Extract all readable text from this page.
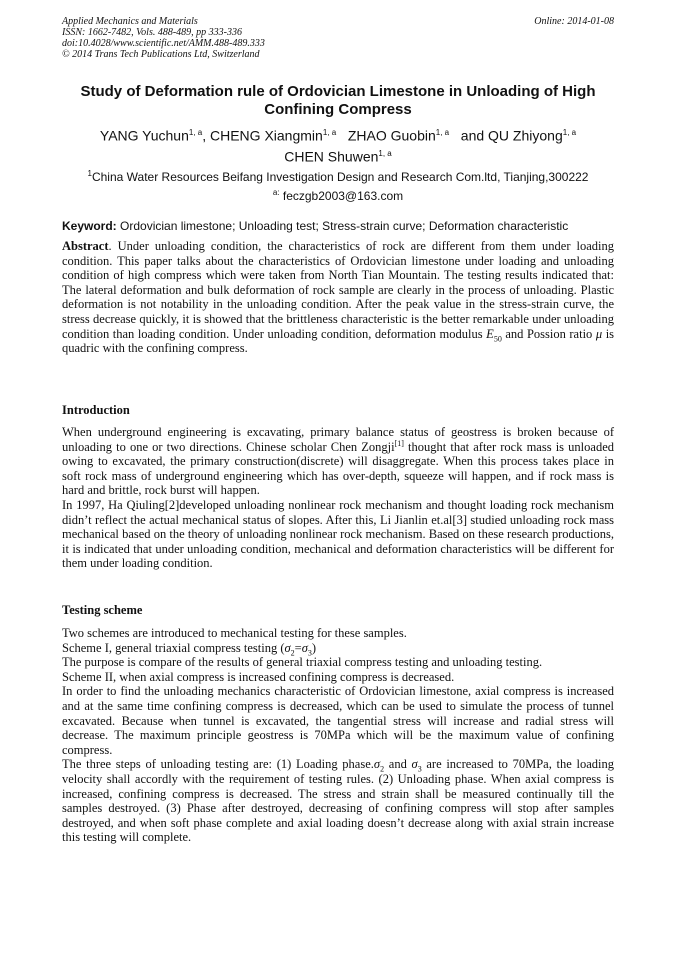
Applied Mechanics and Materials
ISSN: 1662-7482, Vols. 488-489, pp 333-336
doi:10.4028/www.scientific.net/AMM.488-489.333
© 2014 Trans Tech Publications Ltd, Switzerland
Online: 2014-01-08
Study of Deformation rule of Ordovician Limestone in Unloading of High Confining Compress
YANG Yuchun$^{1, a}$, CHENG Xiangmin$^{1, a}$ ZHAO Guobin$^{1, a}$ and QU Zhiyong$^{1, a}$
CHEN Shuwen$^{1, a}$
$^1$China Water Resources Beifang Investigation Design and Research Com.ltd, Tianjing,300222
$^{a:}$ feczgb2003@163.com
Keyword: Ordovician limestone; Unloading test; Stress-strain curve; Deformation characteristic

Abstract. Under unloading condition, the characteristics of rock are different from them under loading condition. This paper talks about the characteristics of Ordovician limestone under loading and unloading condition of high compress which were taken from North Tian Mountain. The testing results indicated that: The lateral deformation and bulk deformation of rock sample are clearly in the process of unloading. Plastic deformation is not notability in the unloading condition. After the peak value in the stress-strain curve, the stress decrease quickly, it is showed that the brittleness characteristic is the better remarkable under unloading condition than loading condition. Under unloading condition, deformation modulus $E_{50}$ and Possion ratio μ is quadric with the confining compress.

Introduction

When underground engineering is excavating, primary balance status of geostress is broken because of unloading to one or two directions. Chinese scholar Chen Zongji[1] thought that after rock mass is unloaded owing to excavated, the primary construction(discrete) will disaggregate. When this process takes place in soft rock mass of underground engineering which has over-depth, squeeze will happen, and if rock mass is hard and brittle, rock burst will happen.

In 1997, Ha Qiuling[2]developed unloading nonlinear rock mechanism and thought loading rock mechanism didn’t reflect the actual mechanical status of slopes. After this, Li Jianlin et.al[3] studied unloading rock mass mechanical based on the theory of unloading nonlinear rock mechanism. Based on these research productions, it is indicated that under unloading condition, mechanical and deformation characteristics will be different for them under loading condition.

Testing scheme

Two schemes are introduced to mechanical testing for these samples.

Scheme I, general triaxial compress testing $(\sigma_2=\sigma_3)$

The purpose is compare of the results of general triaxial compress testing and unloading testing.

Scheme II, when axial compress is increased confining compress is decreased.

In order to find the unloading mechanics characteristic of Ordovician limestone, axial compress is increased and at the same time confining compress is decreased, which can be used to simulate the process of tunnel excavated. Because when tunnel is excavated, the tangential stress will increase and radial stress will decrease. The maximum principle geostress is 70MPa which will be the maximum value of confining compress.

The three steps of unloading testing are: (1) Loading $phase.\sigma_2$ and $\sigma_3$ are increased to 70MPa, the loading velocity shall accordly with the requirement of testing rules. (2) Unloading phase. When axial compress is increased, confining compress is decreased. The stress and strain shall be measured continually till the samples destroyed. (3) Phase after destroyed, decreasing of confining compress will stop after samples destroyed, and when soft phase complete and axial loading doesn’t decrease along with axial strain increase this testing will complete.
